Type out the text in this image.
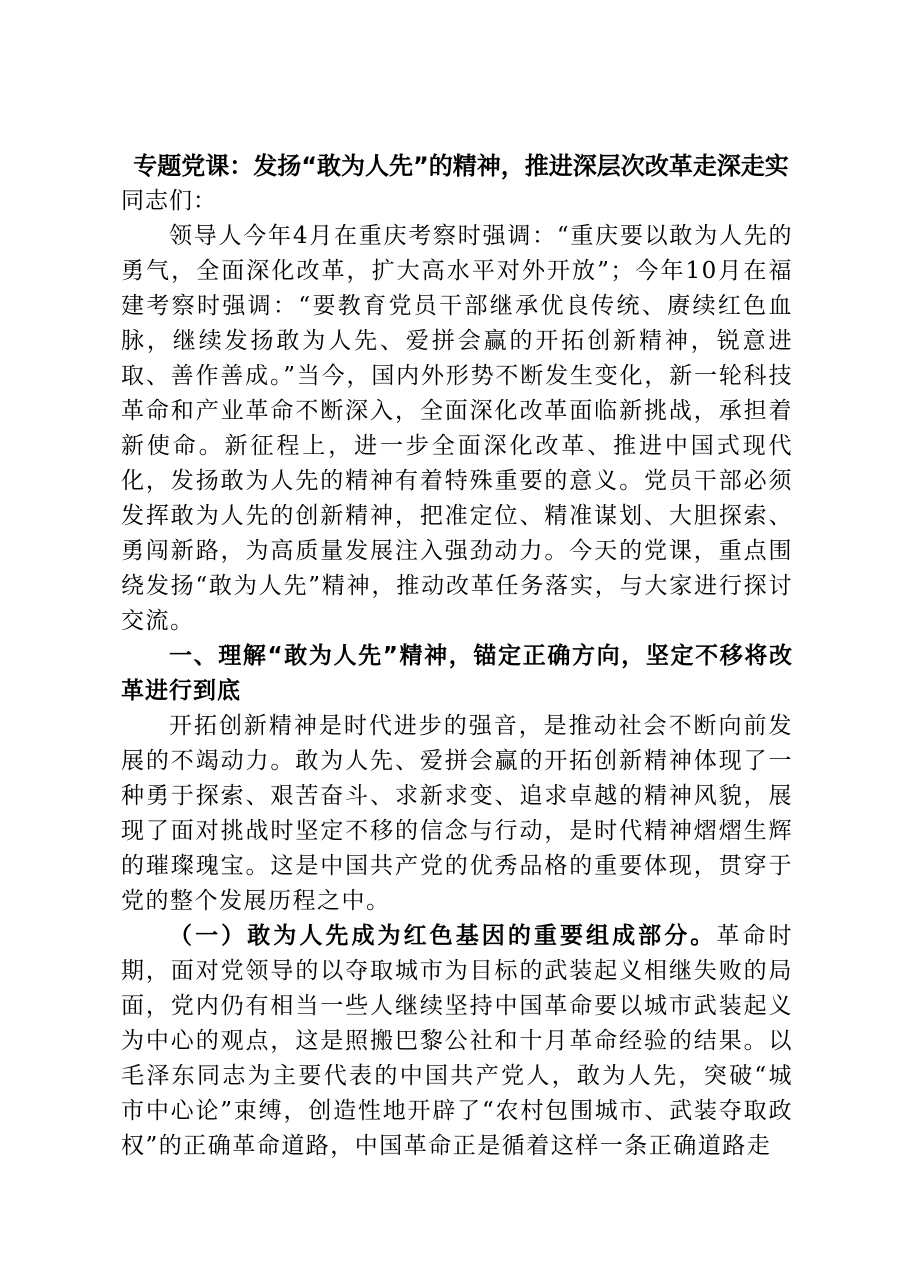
专题党课：发扬“敢为人先”的精神，推进深层次改革走深走实

同志们：

领导人今年4月在重庆考察时强调：“重庆要以敢为人先的勇气，全面深化改革，扩大高水平对外开放”；今年10月在福建考察时强调：“要教育党员干部继承优良传统、赓续红色血脉，继续发扬敢为人先、爱拼会赢的开拓创新精神，锐意进取、善作善成。”当今，国内外形势不断发生变化，新一轮科技革命和产业革命不断深入，全面深化改革面临新挑战，承担着新使命。新征程上，进一步全面深化改革、推进中国式现代化，发扬敢为人先的精神有着特殊重要的意义。党员干部必须发挥敢为人先的创新精神，把准定位、精准谋划、大胆探索、勇闯新路，为高质量发展注入强劲动力。今天的党课，重点围绕发扬“敢为人先”精神，推动改革任务落实，与大家进行探讨交流。

一、理解“敢为人先”精神，锚定正确方向，坚定不移将改革进行到底

开拓创新精神是时代进步的强音，是推动社会不断向前发展的不竭动力。敢为人先、爱拼会赢的开拓创新精神体现了一种勇于探索、艰苦奋斗、求新求变、追求卓越的精神风貌，展现了面对挑战时坚定不移的信念与行动，是时代精神熠熠生辉的璀璨瑰宝。这是中国共产党的优秀品格的重要体现，贯穿于党的整个发展历程之中。

（一）敢为人先成为红色基因的重要组成部分。革命时期，面对党领导的以夺取城市为目标的武装起义相继失败的局面，党内仍有相当一些人继续坚持中国革命要以城市武装起义为中心的观点，这是照搬巴黎公社和十月革命经验的结果。以毛泽东同志为主要代表的中国共产党人，敢为人先，突破“城市中心论”束缚，创造性地开辟了“农村包围城市、武装夺取政权”的正确革命道路，中国革命正是循着这样一条正确道路走
